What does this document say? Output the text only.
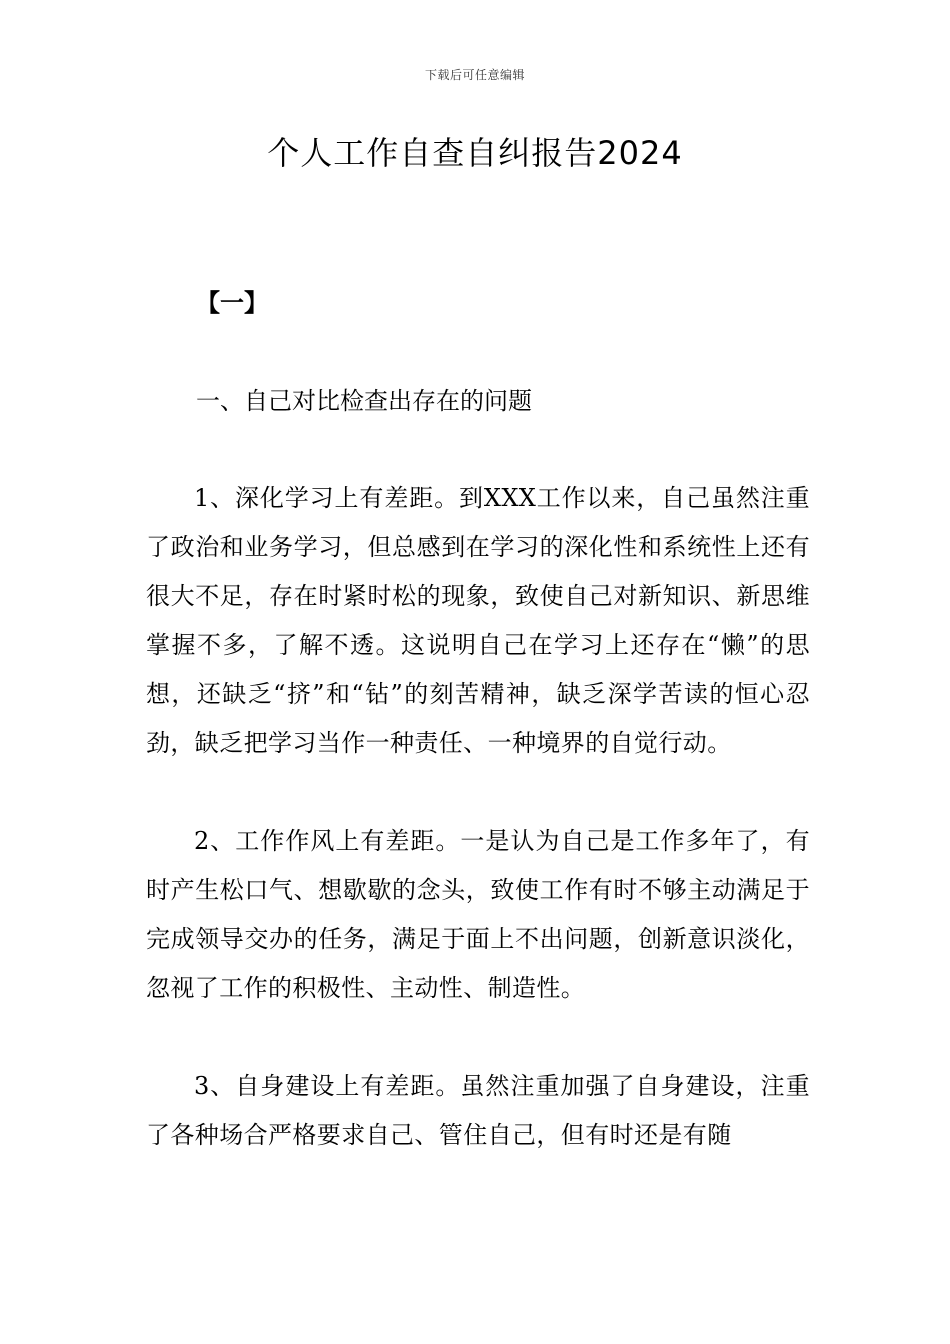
下载后可任意编辑
个人工作自查自纠报告2024
【一】
一、自己对比检查出存在的问题

1、深化学习上有差距。到XXX工作以来，自己虽然注重了政治和业务学习，但总感到在学习的深化性和系统性上还有很大不足，存在时紧时松的现象，致使自己对新知识、新思维掌握不多，了解不透。这说明自己在学习上还存在“懒”的思想，还缺乏“挤”和“钻”的刻苦精神，缺乏深学苦读的恒心忍劲，缺乏把学习当作一种责任、一种境界的自觉行动。

2、工作作风上有差距。一是认为自己是工作多年了，有时产生松口气、想歇歇的念头，致使工作有时不够主动满足于完成领导交办的任务，满足于面上不出问题，创新意识淡化，忽视了工作的积极性、主动性、制造性。

3、自身建设上有差距。虽然注重加强了自身建设，注重了各种场合严格要求自己、管住自己，但有时还是有随
